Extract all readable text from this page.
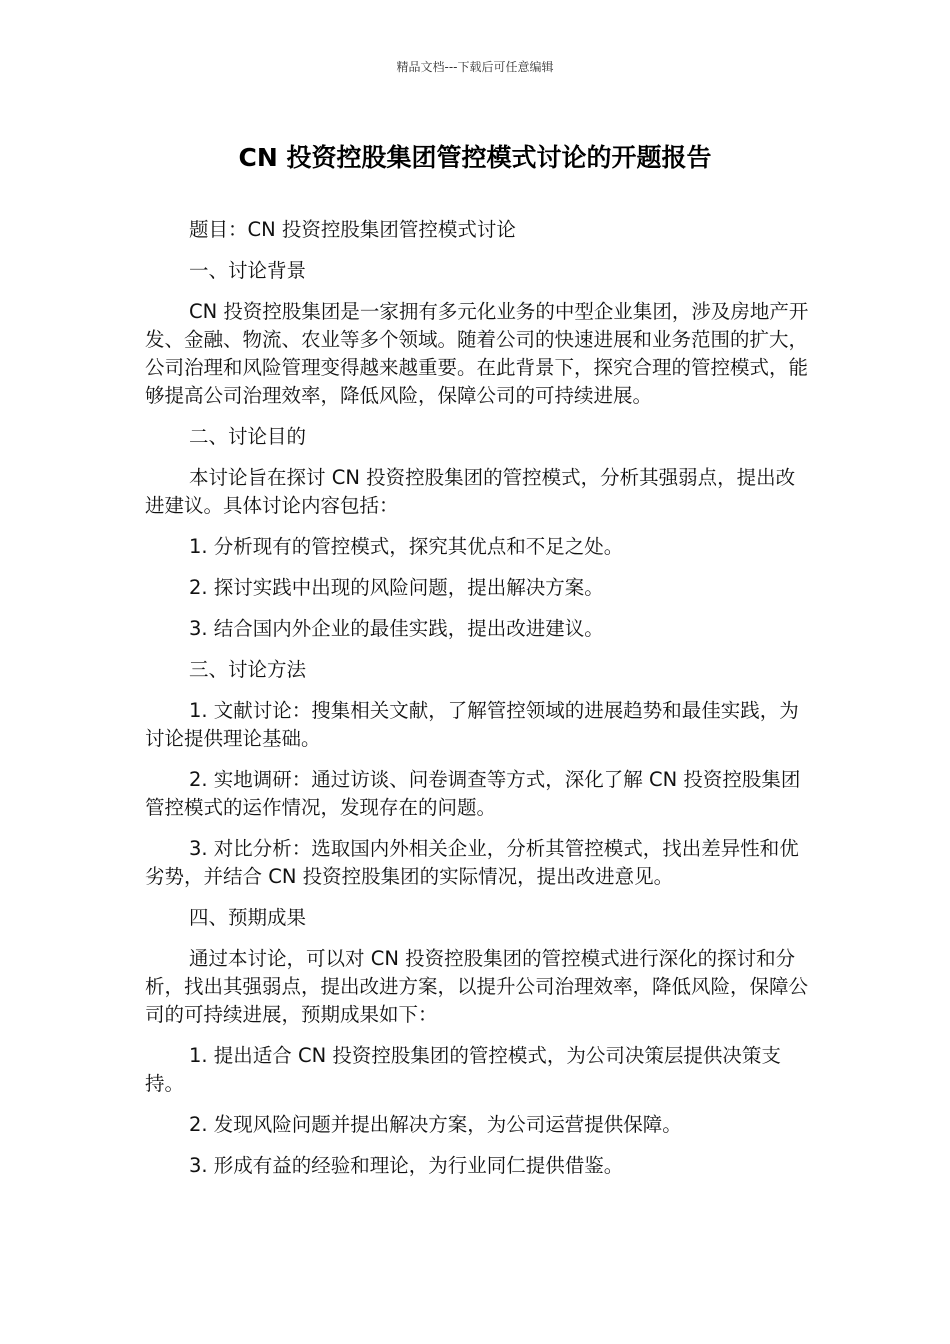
精品文档---下载后可任意编辑
CN 投资控股集团管控模式讨论的开题报告

题目：CN 投资控股集团管控模式讨论

一、讨论背景

CN 投资控股集团是一家拥有多元化业务的中型企业集团，涉及房地产开发、金融、物流、农业等多个领域。随着公司的快速进展和业务范围的扩大，公司治理和风险管理变得越来越重要。在此背景下，探究合理的管控模式，能够提高公司治理效率，降低风险，保障公司的可持续进展。

二、讨论目的

本讨论旨在探讨 CN 投资控股集团的管控模式，分析其强弱点，提出改进建议。具体讨论内容包括：

1. 分析现有的管控模式，探究其优点和不足之处。

2. 探讨实践中出现的风险问题，提出解决方案。

3. 结合国内外企业的最佳实践，提出改进建议。

三、讨论方法

1. 文献讨论：搜集相关文献，了解管控领域的进展趋势和最佳实践，为讨论提供理论基础。

2. 实地调研：通过访谈、问卷调查等方式，深化了解 CN 投资控股集团管控模式的运作情况，发现存在的问题。

3. 对比分析：选取国内外相关企业，分析其管控模式，找出差异性和优劣势，并结合 CN 投资控股集团的实际情况，提出改进意见。

四、预期成果

通过本讨论，可以对 CN 投资控股集团的管控模式进行深化的探讨和分析，找出其强弱点，提出改进方案，以提升公司治理效率，降低风险，保障公司的可持续进展，预期成果如下：

1. 提出适合 CN 投资控股集团的管控模式，为公司决策层提供决策支持。

2. 发现风险问题并提出解决方案，为公司运营提供保障。

3. 形成有益的经验和理论，为行业同仁提供借鉴。
